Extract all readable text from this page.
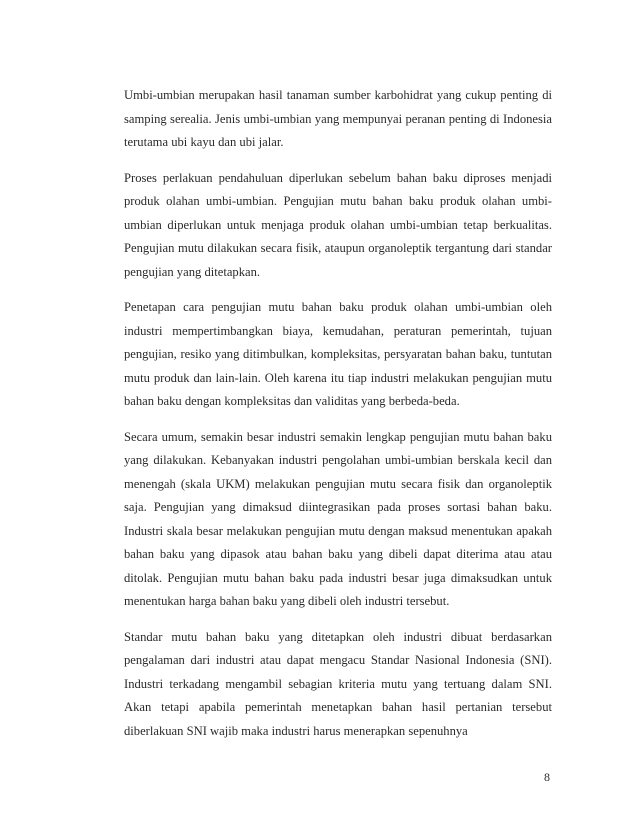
Umbi-umbian merupakan hasil tanaman sumber karbohidrat yang cukup penting di samping serealia. Jenis umbi-umbian yang mempunyai peranan penting di Indonesia terutama ubi kayu dan ubi jalar.

Proses perlakuan pendahuluan diperlukan sebelum bahan baku diproses menjadi produk olahan umbi-umbian. Pengujian mutu bahan baku produk olahan umbi-umbian diperlukan untuk menjaga produk olahan umbi-umbian tetap berkualitas. Pengujian mutu dilakukan secara fisik, ataupun organoleptik tergantung dari standar pengujian yang ditetapkan.

Penetapan cara pengujian mutu bahan baku produk olahan umbi-umbian oleh industri mempertimbangkan biaya, kemudahan, peraturan pemerintah, tujuan pengujian, resiko yang ditimbulkan, kompleksitas, persyaratan bahan baku, tuntutan mutu produk dan lain-lain. Oleh karena itu tiap industri melakukan pengujian mutu bahan baku dengan kompleksitas dan validitas yang berbeda-beda.

Secara umum, semakin besar industri semakin lengkap pengujian mutu bahan baku yang dilakukan. Kebanyakan industri pengolahan umbi-umbian berskala kecil dan menengah (skala UKM) melakukan pengujian mutu secara fisik dan organoleptik saja. Pengujian yang dimaksud diintegrasikan pada proses sortasi bahan baku. Industri skala besar melakukan pengujian mutu dengan maksud menentukan apakah bahan baku yang dipasok atau bahan baku yang dibeli dapat diterima atau atau ditolak. Pengujian mutu bahan baku pada industri besar juga dimaksudkan untuk menentukan harga bahan baku yang dibeli oleh industri tersebut.

Standar mutu bahan baku yang ditetapkan oleh industri dibuat berdasarkan pengalaman dari industri atau dapat mengacu Standar Nasional Indonesia (SNI). Industri terkadang mengambil sebagian kriteria mutu yang tertuang dalam SNI. Akan tetapi apabila pemerintah menetapkan bahan hasil pertanian tersebut diberlakuan SNI wajib maka industri harus menerapkan sepenuhnya

8
